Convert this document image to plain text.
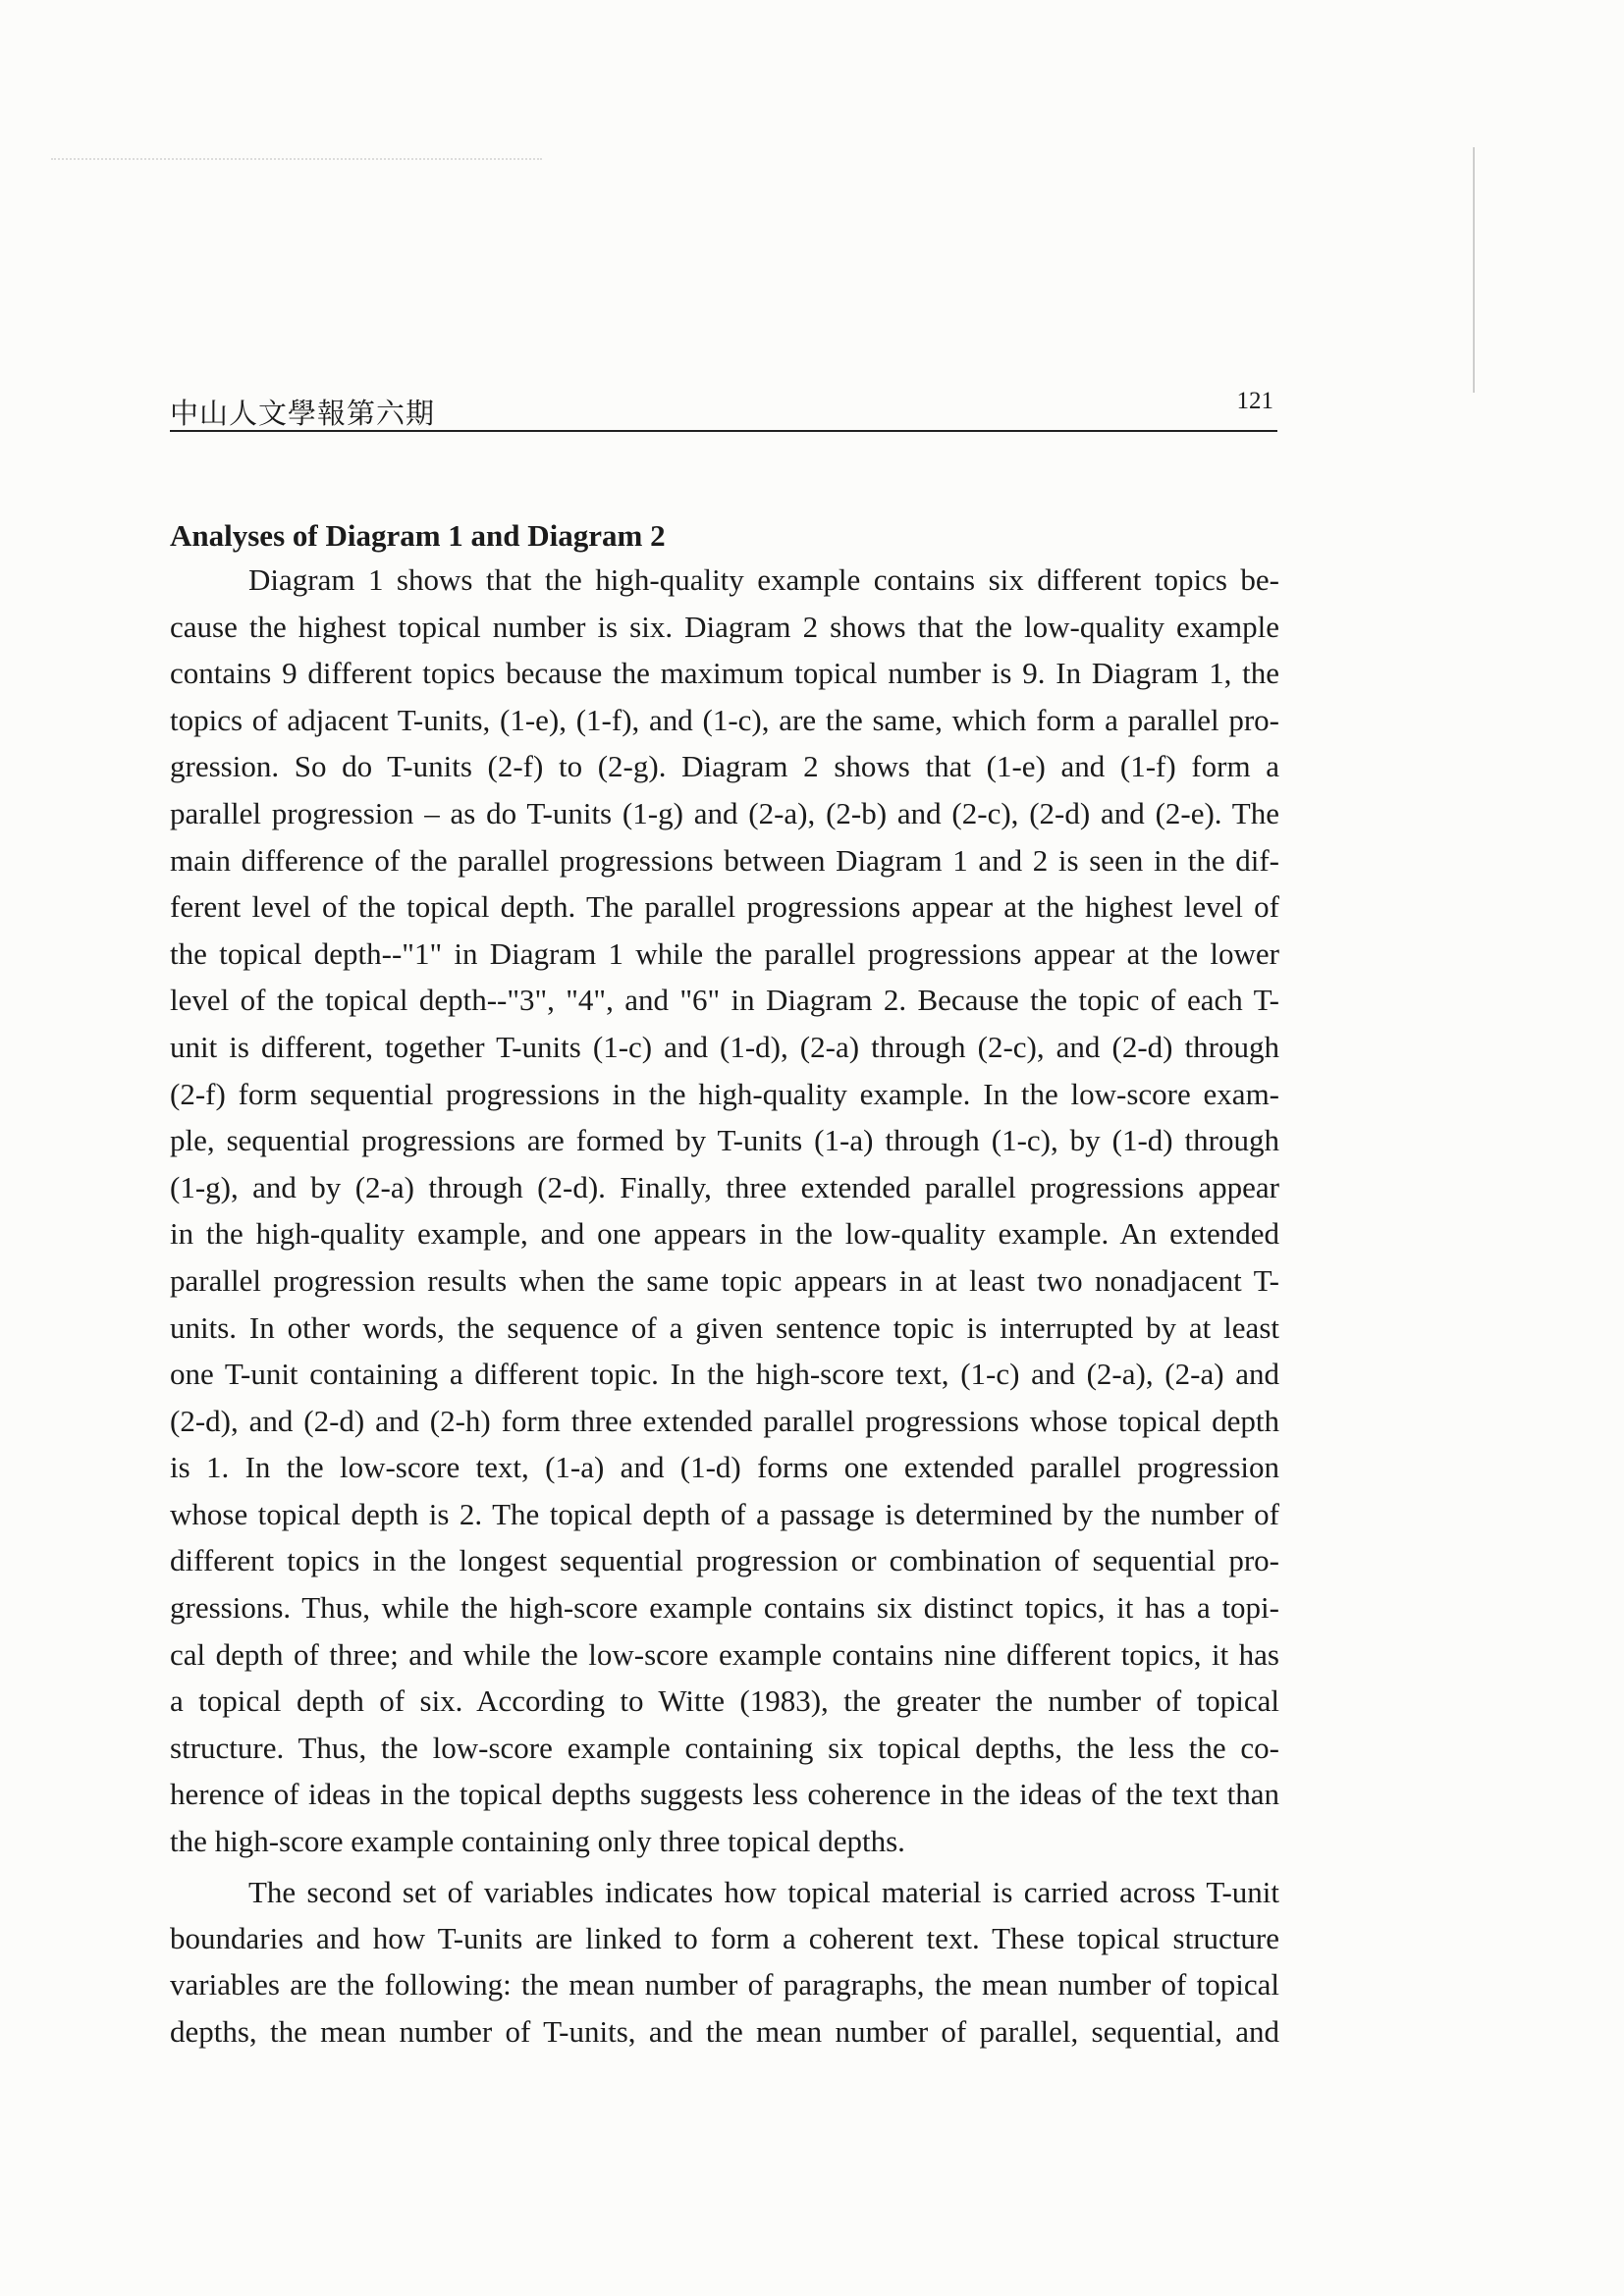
中山人文學報第六期	121
Analyses of Diagram 1 and Diagram 2
Diagram 1 shows that the high-quality example contains six different topics be-
cause the highest topical number is six. Diagram 2 shows that the low-quality example
contains 9 different topics because the maximum topical number is 9. In Diagram 1, the
topics of adjacent T-units, (1-e), (1-f), and (1-c), are the same, which form a parallel pro-
gression. So do T-units (2-f) to (2-g). Diagram 2 shows that (1-e) and (1-f) form a
parallel progression – as do T-units (1-g) and (2-a), (2-b) and (2-c), (2-d) and (2-e). The
main difference of the parallel progressions between Diagram 1 and 2 is seen in the dif-
ferent level of the topical depth. The parallel progressions appear at the highest level of
the topical depth--"1" in Diagram 1 while the parallel progressions appear at the lower
level of the topical depth--"3", "4", and "6" in Diagram 2. Because the topic of each T-
unit is different, together T-units (1-c) and (1-d), (2-a) through (2-c), and (2-d) through
(2-f) form sequential progressions in the high-quality example. In the low-score exam-
ple, sequential progressions are formed by T-units (1-a) through (1-c), by (1-d) through
(1-g), and by (2-a) through (2-d). Finally, three extended parallel progressions appear
in the high-quality example, and one appears in the low-quality example. An extended
parallel progression results when the same topic appears in at least two nonadjacent T-
units. In other words, the sequence of a given sentence topic is interrupted by at least
one T-unit containing a different topic. In the high-score text, (1-c) and (2-a), (2-a) and
(2-d), and (2-d) and (2-h) form three extended parallel progressions whose topical depth
is 1. In the low-score text, (1-a) and (1-d) forms one extended parallel progression
whose topical depth is 2. The topical depth of a passage is determined by the number of
different topics in the longest sequential progression or combination of sequential pro-
gressions. Thus, while the high-score example contains six distinct topics, it has a topi-
cal depth of three; and while the low-score example contains nine different topics, it has
a topical depth of six. According to Witte (1983), the greater the number of topical
structure. Thus, the low-score example containing six topical depths, the less the co-
herence of ideas in the topical depths suggests less coherence in the ideas of the text than
the high-score example containing only three topical depths.
The second set of variables indicates how topical material is carried across T-unit
boundaries and how T-units are linked to form a coherent text. These topical structure
variables are the following: the mean number of paragraphs, the mean number of topical
depths, the mean number of T-units, and the mean number of parallel, sequential, and
